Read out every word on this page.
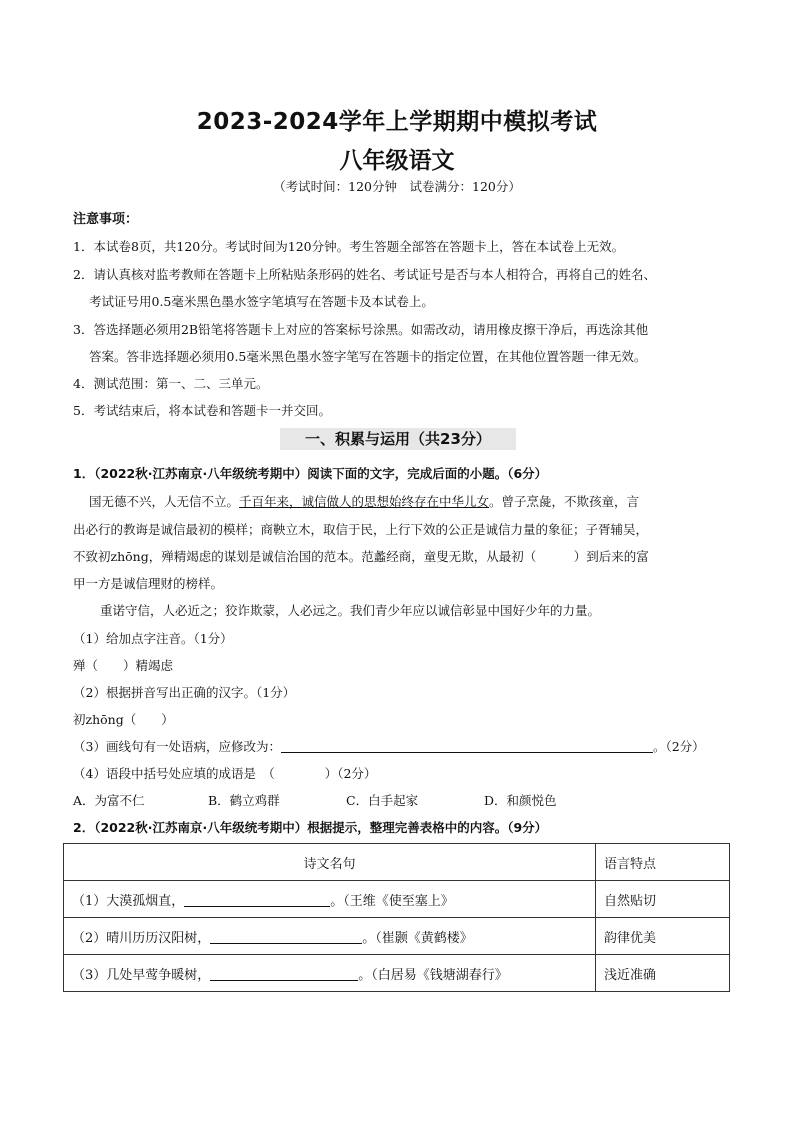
2023-2024学年上学期期中模拟考试
八年级语文
（考试时间：120分钟　试卷满分：120分）
注意事项：
1．本试卷8页，共120分。考试时间为120分钟。考生答题全部答在答题卡上，答在本试卷上无效。
2．请认真核对监考教师在答题卡上所粘贴条形码的姓名、考试证号是否与本人相符合，再将自己的姓名、
考试证号用0.5毫米黑色墨水签字笔填写在答题卡及本试卷上。
3．答选择题必须用2B铅笔将答题卡上对应的答案标号涂黑。如需改动，请用橡皮擦干净后，再选涂其他
答案。答非选择题必须用0.5毫米黑色墨水签字笔写在答题卡的指定位置，在其他位置答题一律无效。
4．测试范围：第一、二、三单元。
5．考试结束后，将本试卷和答题卡一并交回。
一、积累与运用（共23分）
1．（2022秋·江苏南京·八年级统考期中）阅读下面的文字，完成后面的小题。（6分）
国无德不兴，人无信不立。千百年来，诚信做人的思想始终存在中华儿女。曾子烹彘，不欺孩童，言
出必行的教诲是诚信最初的模样；商鞅立木，取信于民，上行下效的公正是诚信力量的象征；子胥辅吴，
不致初zhōng，殚精竭虑的谋划是诚信治国的范本。范蠡经商，童叟无欺，从最初（　　　）到后来的富
甲一方是诚信理财的榜样。
重诺守信，人必近之；狡诈欺蒙，人必远之。我们青少年应以诚信彰显中国好少年的力量。
（1）给加点字注音。（1分）
殚（　　）精竭虑
（2）根据拼音写出正确的汉字。（1分）
初zhōng（　　）
（3）画线句有一处语病，应修改为：	。（2分）
（4）语段中括号处应填的成语是　（　　　　）（2分）
A．为富不仁	B．鹤立鸡群	C．白手起家	D．和颜悦色
2．（2022秋·江苏南京·八年级统考期中）根据提示，整理完善表格中的内容。（9分）
诗文名句	语言特点
（1）大漠孤烟直， 。（王维《使至塞上》	自然贴切
（2）晴川历历汉阳树， 。（崔颢《黄鹤楼》	韵律优美
（3）几处早莺争暖树， 。（白居易《钱塘湖春行》	浅近准确
